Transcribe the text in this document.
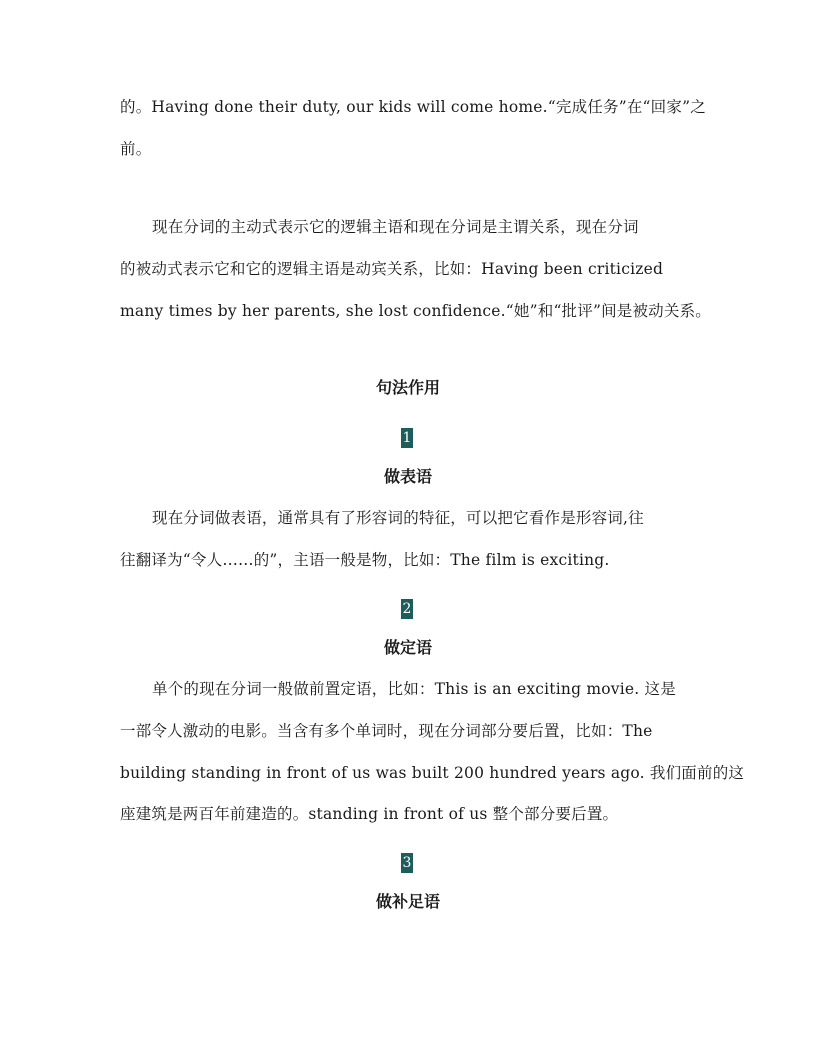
的。Having done their duty, our kids will come home.“完成任务”在“回家”之
前。
现在分词的主动式表示它的逻辑主语和现在分词是主谓关系，现在分词
的被动式表示它和它的逻辑主语是动宾关系，比如：Having been criticized
many times by her parents, she lost confidence.“她”和“批评”间是被动关系。
句法作用
1
做表语
现在分词做表语，通常具有了形容词的特征，可以把它看作是形容词,往
往翻译为“令人……的”，主语一般是物，比如：The film is exciting.
2
做定语
单个的现在分词一般做前置定语，比如：This is an exciting movie. 这是
一部令人激动的电影。当含有多个单词时，现在分词部分要后置，比如：The
building standing in front of us was built 200 hundred years ago. 我们面前的这
座建筑是两百年前建造的。standing in front of us 整个部分要后置。
3
做补足语
